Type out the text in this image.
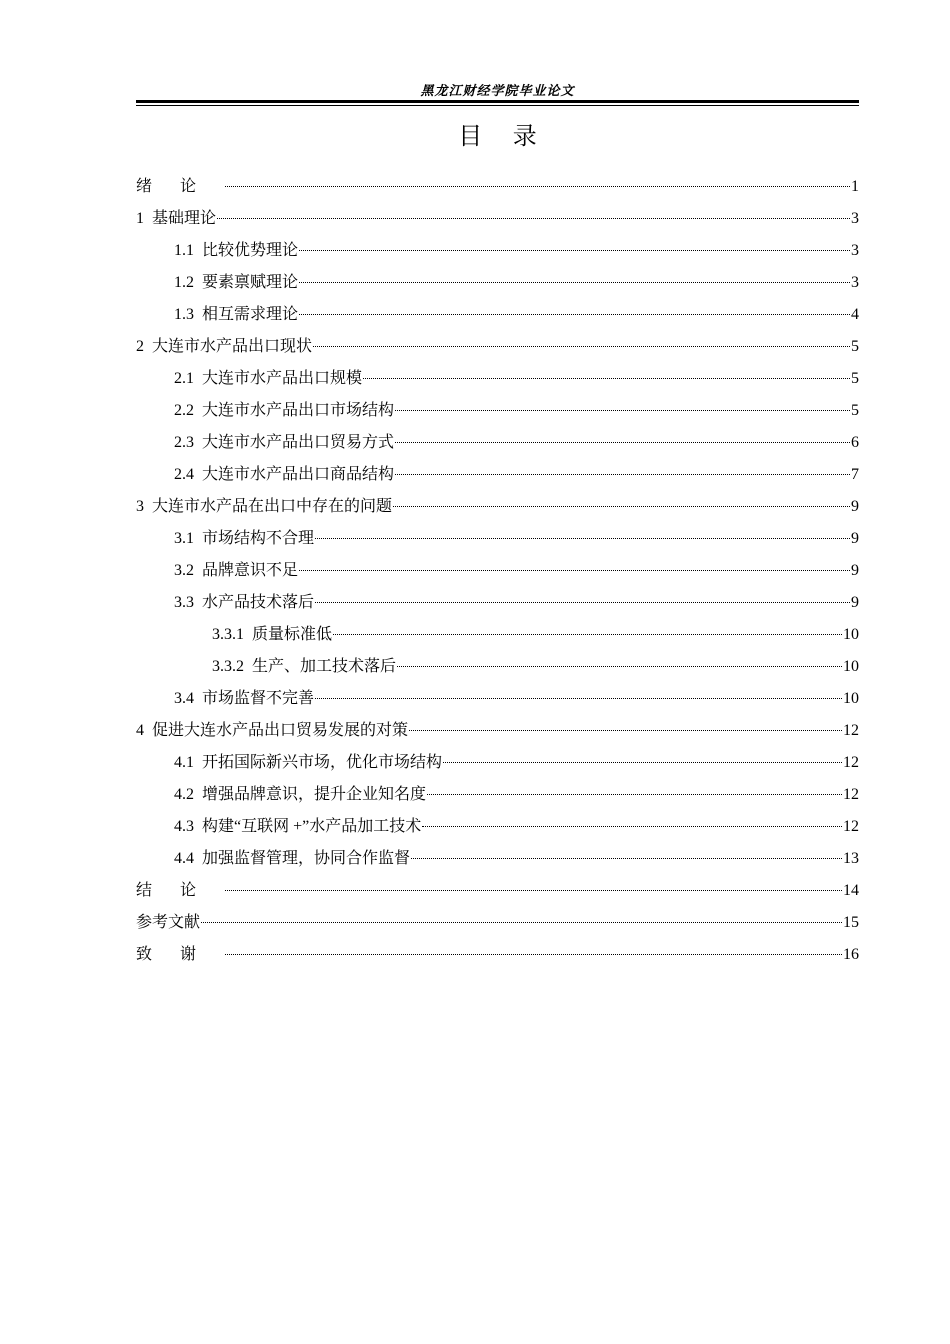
黑龙江财经学院毕业论文
目    录
绪论	1
1 基础理论	3
1.1 比较优势理论	3
1.2 要素禀赋理论	3
1.3 相互需求理论	4
2 大连市水产品出口现状	5
2.1 大连市水产品出口规模	5
2.2 大连市水产品出口市场结构	5
2.3 大连市水产品出口贸易方式	6
2.4 大连市水产品出口商品结构	7
3 大连市水产品在出口中存在的问题	9
3.1 市场结构不合理	9
3.2 品牌意识不足	9
3.3 水产品技术落后	9
3.3.1 质量标准低	10
3.3.2 生产、加工技术落后	10
3.4 市场监督不完善	10
4 促进大连水产品出口贸易发展的对策	12
4.1 开拓国际新兴市场，优化市场结构	12
4.2 增强品牌意识，提升企业知名度	12
4.3 构建“互联网 +”水产品加工技术	12
4.4 加强监督管理，协同合作监督	13
结论	14
参考文献	15
致谢	16
